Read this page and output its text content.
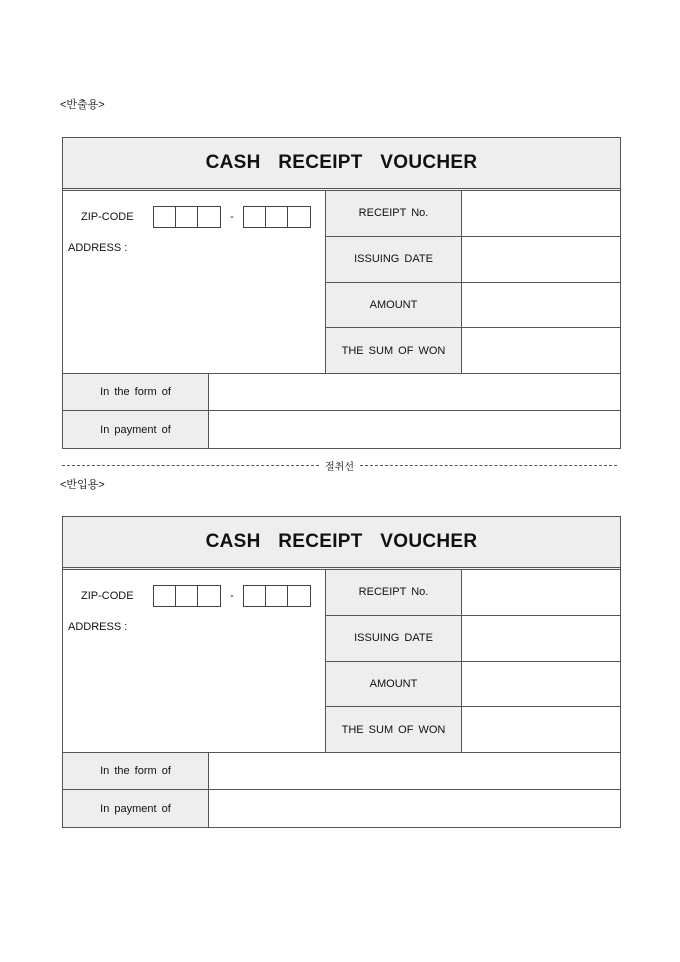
<반출용>
CASH RECEIPT VOUCHER
ZIP-CODE	-
ADDRESS :
RECEIPT No.
ISSUING DATE
AMOUNT
THE SUM OF WON
In the form of
In payment of
절취선
<반입용>
CASH RECEIPT VOUCHER
ZIP-CODE	-
ADDRESS :
RECEIPT No.
ISSUING DATE
AMOUNT
THE SUM OF WON
In the form of
In payment of
